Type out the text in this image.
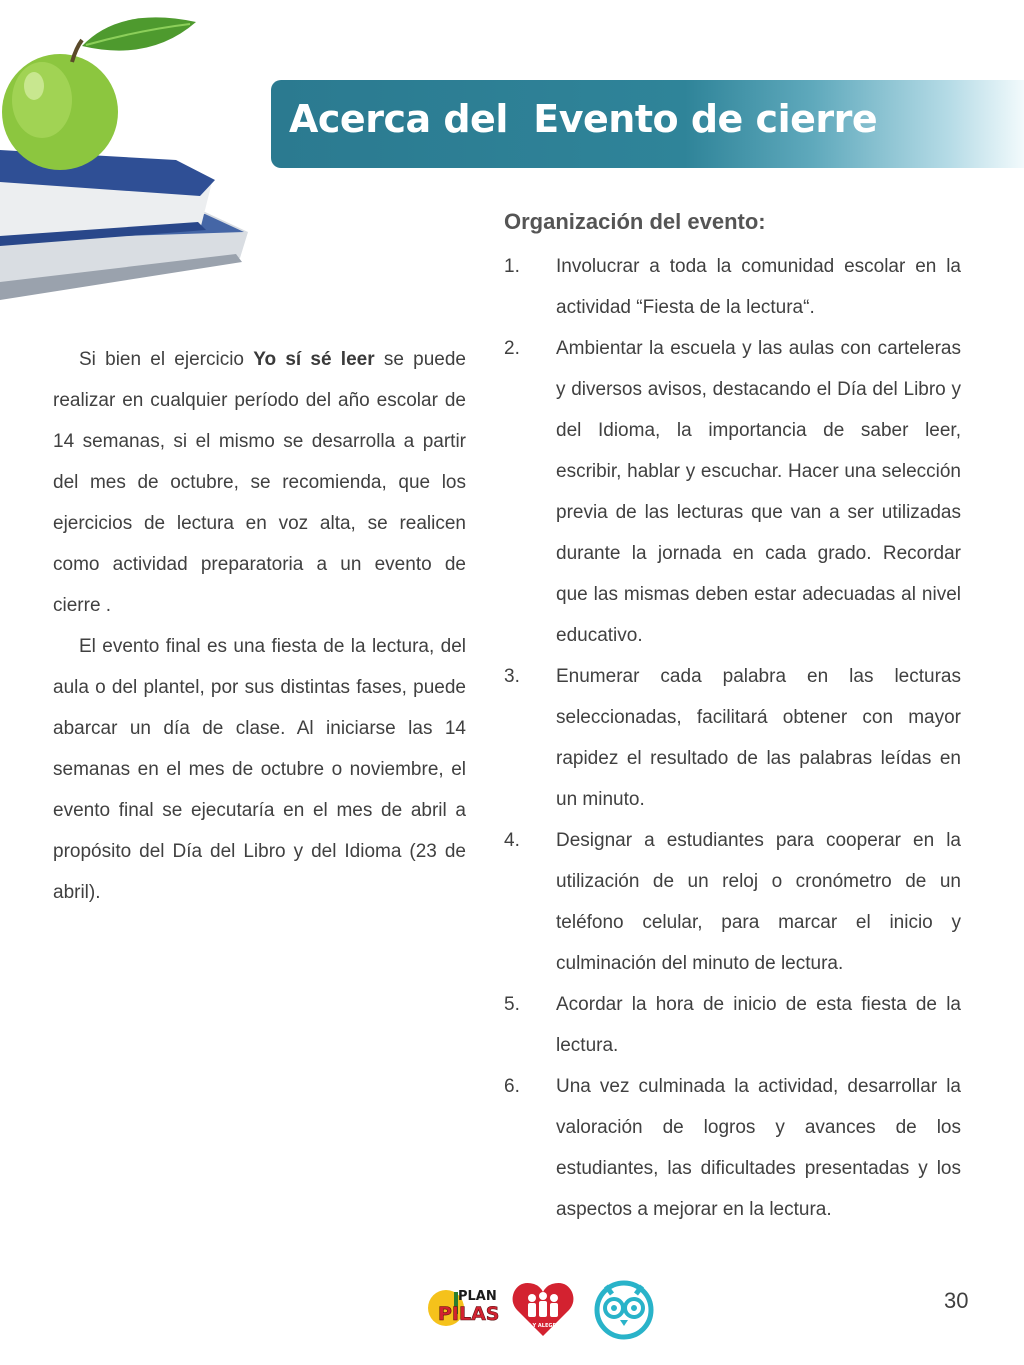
Acerca del  Evento de cierre

Si bien el ejercicio Yo sí sé leer se puede realizar en cualquier período del año escolar de 14 semanas, si el mismo se desarrolla a partir del mes de octubre, se recomienda, que los ejercicios de lectura en voz alta, se realicen como actividad preparatoria a un evento de cierre .

El evento final es una fiesta de la lectura, del aula o del plantel, por sus distintas fases, puede abarcar un día de clase. Al iniciarse las 14 semanas en el mes de octubre o noviembre, el evento final se ejecutaría en el mes de abril a propósito del Día del Libro y del Idioma (23 de abril).

Organización del evento:
1. Involucrar a toda la comunidad escolar en la actividad “Fiesta de la lectura“.
2. Ambientar la escuela y las aulas con carteleras y diversos avisos, destacando el Día del Libro y del Idioma, la importancia de saber leer, escribir, hablar y escuchar. Hacer una selección previa de las lecturas que van a ser utilizadas durante la jornada en cada grado. Recordar que las mismas deben estar adecuadas al nivel educativo.
3. Enumerar cada palabra en las lecturas seleccionadas, facilitará obtener con mayor rapidez el resultado de las palabras leídas en un minuto.
4. Designar a estudiantes para cooperar en la utilización de un reloj o cronómetro de un teléfono celular, para marcar el inicio y culminación del minuto de lectura.
5. Acordar la hora de inicio de esta fiesta de la lectura.
6. Una vez culminada la actividad, desarrollar la valoración de logros y avances de los estudiantes, las dificultades presentadas y los aspectos a mejorar en la lectura.
PLAN
PILAS
FE Y ALEGRIA
30
